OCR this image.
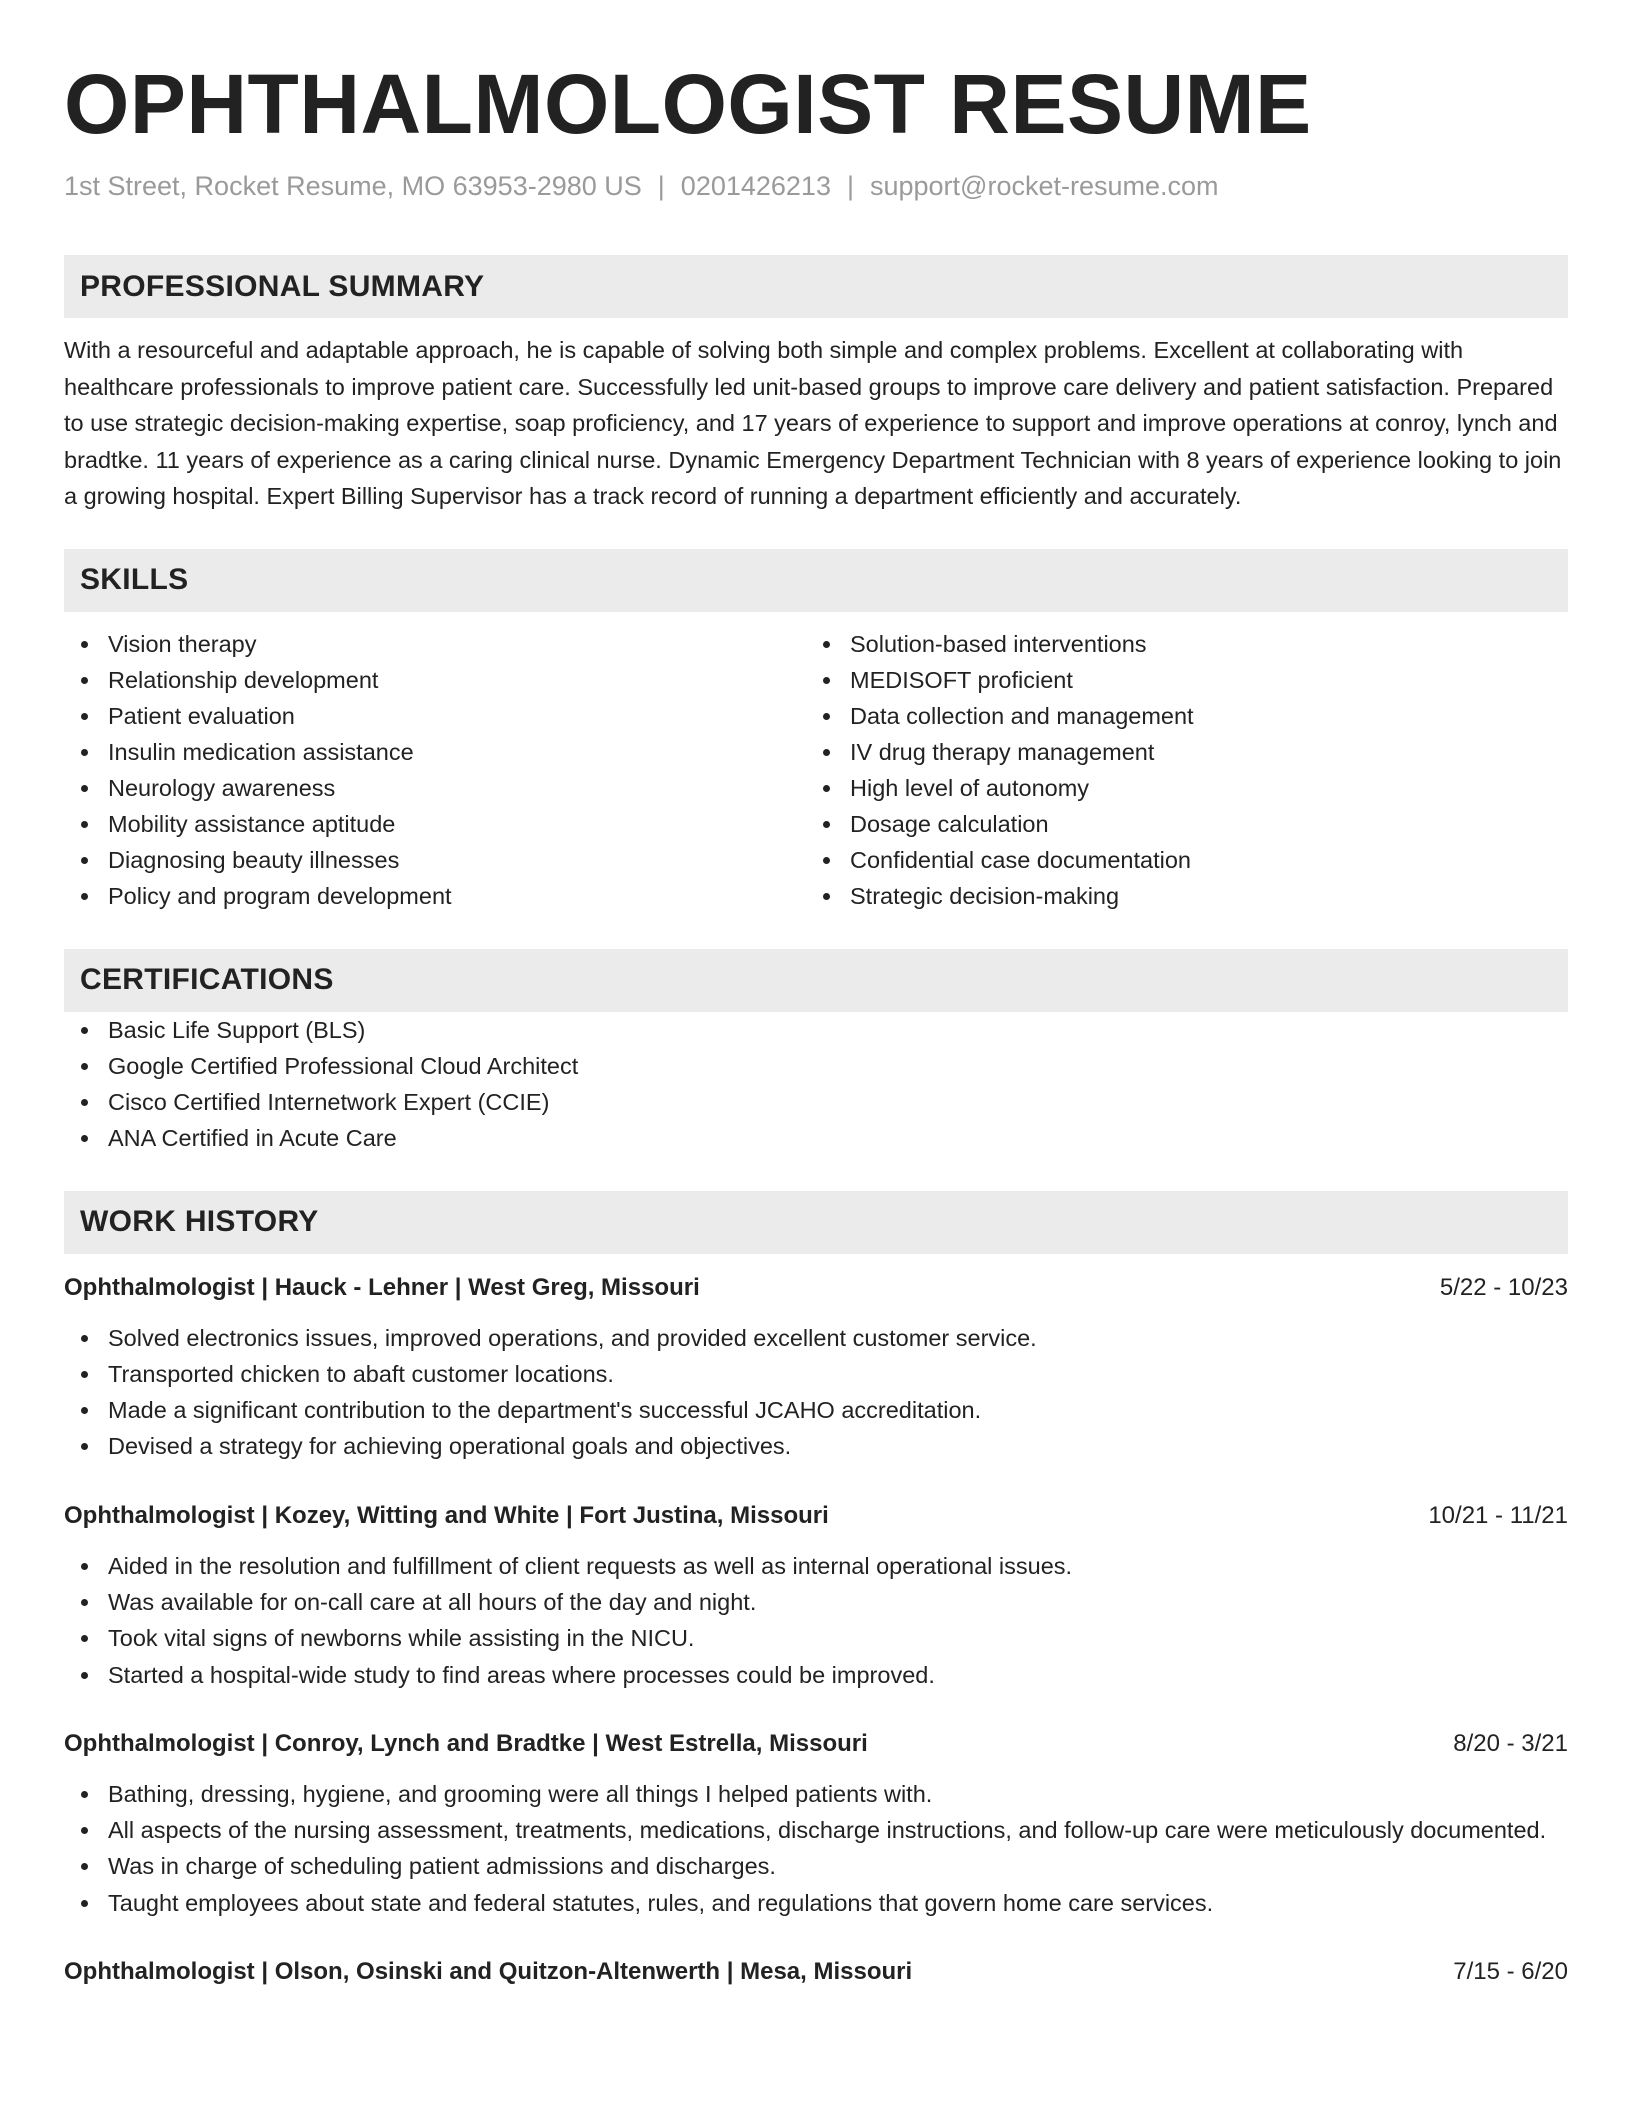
OPHTHALMOLOGIST RESUME
1st Street, Rocket Resume, MO 63953-2980 US | 0201426213 | support@rocket-resume.com
PROFESSIONAL SUMMARY

With a resourceful and adaptable approach, he is capable of solving both simple and complex problems. Excellent at collaborating with healthcare professionals to improve patient care. Successfully led unit-based groups to improve care delivery and patient satisfaction. Prepared to use strategic decision-making expertise, soap proficiency, and 17 years of experience to support and improve operations at conroy, lynch and bradtke. 11 years of experience as a caring clinical nurse. Dynamic Emergency Department Technician with 8 years of experience looking to join a growing hospital. Expert Billing Supervisor has a track record of running a department efficiently and accurately.

SKILLS
Vision therapy
Relationship development
Patient evaluation
Insulin medication assistance
Neurology awareness
Mobility assistance aptitude
Diagnosing beauty illnesses
Policy and program development
Solution-based interventions
MEDISOFT proficient
Data collection and management
IV drug therapy management
High level of autonomy
Dosage calculation
Confidential case documentation
Strategic decision-making
CERTIFICATIONS
Basic Life Support (BLS)
Google Certified Professional Cloud Architect
Cisco Certified Internetwork Expert (CCIE)
ANA Certified in Acute Care
WORK HISTORY
Ophthalmologist | Hauck - Lehner | West Greg, Missouri	5/22 - 10/23
Solved electronics issues, improved operations, and provided excellent customer service.
Transported chicken to abaft customer locations.
Made a significant contribution to the department's successful JCAHO accreditation.
Devised a strategy for achieving operational goals and objectives.
Ophthalmologist | Kozey, Witting and White | Fort Justina, Missouri	10/21 - 11/21
Aided in the resolution and fulfillment of client requests as well as internal operational issues.
Was available for on-call care at all hours of the day and night.
Took vital signs of newborns while assisting in the NICU.
Started a hospital-wide study to find areas where processes could be improved.
Ophthalmologist | Conroy, Lynch and Bradtke | West Estrella, Missouri	8/20 - 3/21
Bathing, dressing, hygiene, and grooming were all things I helped patients with.
All aspects of the nursing assessment, treatments, medications, discharge instructions, and follow-up care were meticulously documented.
Was in charge of scheduling patient admissions and discharges.
Taught employees about state and federal statutes, rules, and regulations that govern home care services.
Ophthalmologist | Olson, Osinski and Quitzon-Altenwerth | Mesa, Missouri	7/15 - 6/20
